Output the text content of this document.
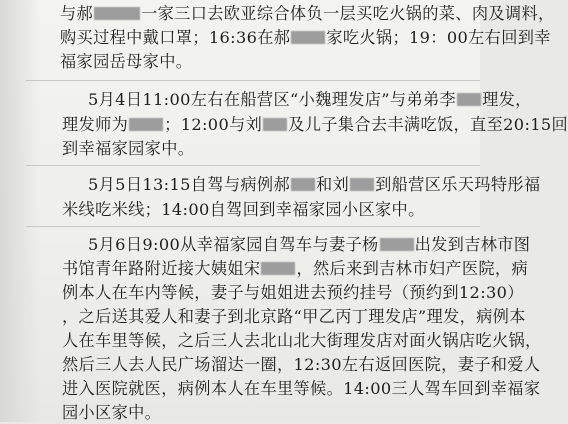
与郝	一家三口去欧亚综合体负一层买吃火锅的菜、肉及调料，
购买过程中戴口罩；16:36在郝 家吃火锅；19：00左右回到幸
福家园岳母家中。
5月4日11:00左右在船营区“小魏理发店”与弟弟李 理发，
理发师为 ；12:00与刘 及儿子集合去丰满吃饭，直至20:15回
到幸福家园家中。
5月5日13:15自驾与病例郝 和刘 到船营区乐天玛特彤福
米线吃米线；14:00自驾回到幸福家园小区家中。
5月6日9:00从幸福家园自驾车与妻子杨 出发到吉林市图
书馆青年路附近接大姨姐宋 ，然后来到吉林市妇产医院，病
例本人在车内等候，妻子与姐姐进去预约挂号（预约到12:30）
，之后送其爱人和妻子到北京路“甲乙丙丁理发店”理发，病例本
人在车里等候，之后三人去北山北大街理发店对面火锅店吃火锅，
然后三人去人民广场溜达一圈，12:30左右返回医院，妻子和爱人
进入医院就医，病例本人在车里等候。14:00三人驾车回到幸福家
园小区家中。
